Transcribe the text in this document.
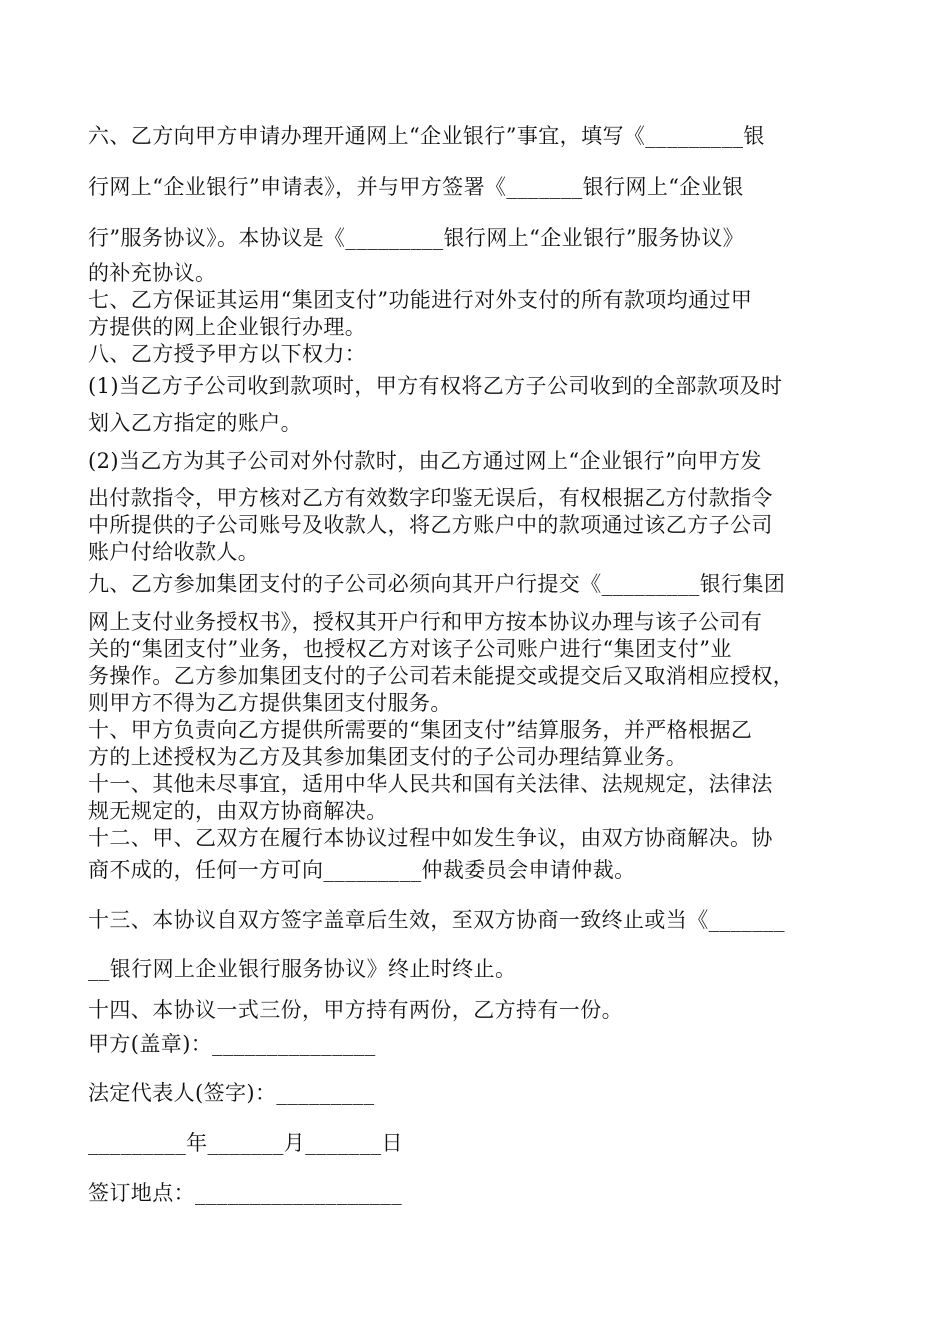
六、乙方向甲方申请办理开通网上“企业银行”事宜，填写《_________银
行网上“企业银行”申请表》，并与甲方签署《_______银行网上“企业银
行”服务协议》。本协议是《_________银行网上“企业银行”服务协议》
的补充协议。
七、乙方保证其运用“集团支付”功能进行对外支付的所有款项均通过甲
方提供的网上企业银行办理。
八、乙方授予甲方以下权力：
(1)当乙方子公司收到款项时，甲方有权将乙方子公司收到的全部款项及时
划入乙方指定的账户。
(2)当乙方为其子公司对外付款时，由乙方通过网上“企业银行”向甲方发
出付款指令，甲方核对乙方有效数字印鉴无误后，有权根据乙方付款指令
中所提供的子公司账号及收款人，将乙方账户中的款项通过该乙方子公司
账户付给收款人。
九、乙方参加集团支付的子公司必须向其开户行提交《_________银行集团
网上支付业务授权书》，授权其开户行和甲方按本协议办理与该子公司有
关的“集团支付”业务，也授权乙方对该子公司账户进行“集团支付”业
务操作。乙方参加集团支付的子公司若未能提交或提交后又取消相应授权，
则甲方不得为乙方提供集团支付服务。
十、甲方负责向乙方提供所需要的“集团支付”结算服务，并严格根据乙
方的上述授权为乙方及其参加集团支付的子公司办理结算业务。
十一、其他未尽事宜，适用中华人民共和国有关法律、法规规定，法律法
规无规定的，由双方协商解决。
十二、甲、乙双方在履行本协议过程中如发生争议，由双方协商解决。协
商不成的，任何一方可向_________仲裁委员会申请仲裁。
十三、本协议自双方签字盖章后生效，至双方协商一致终止或当《_______
__银行网上企业银行服务协议》终止时终止。
十四、本协议一式三份，甲方持有两份，乙方持有一份。
甲方(盖章)：_______________
法定代表人(签字)：_________
_________年_______月_______日
签订地点：___________________
